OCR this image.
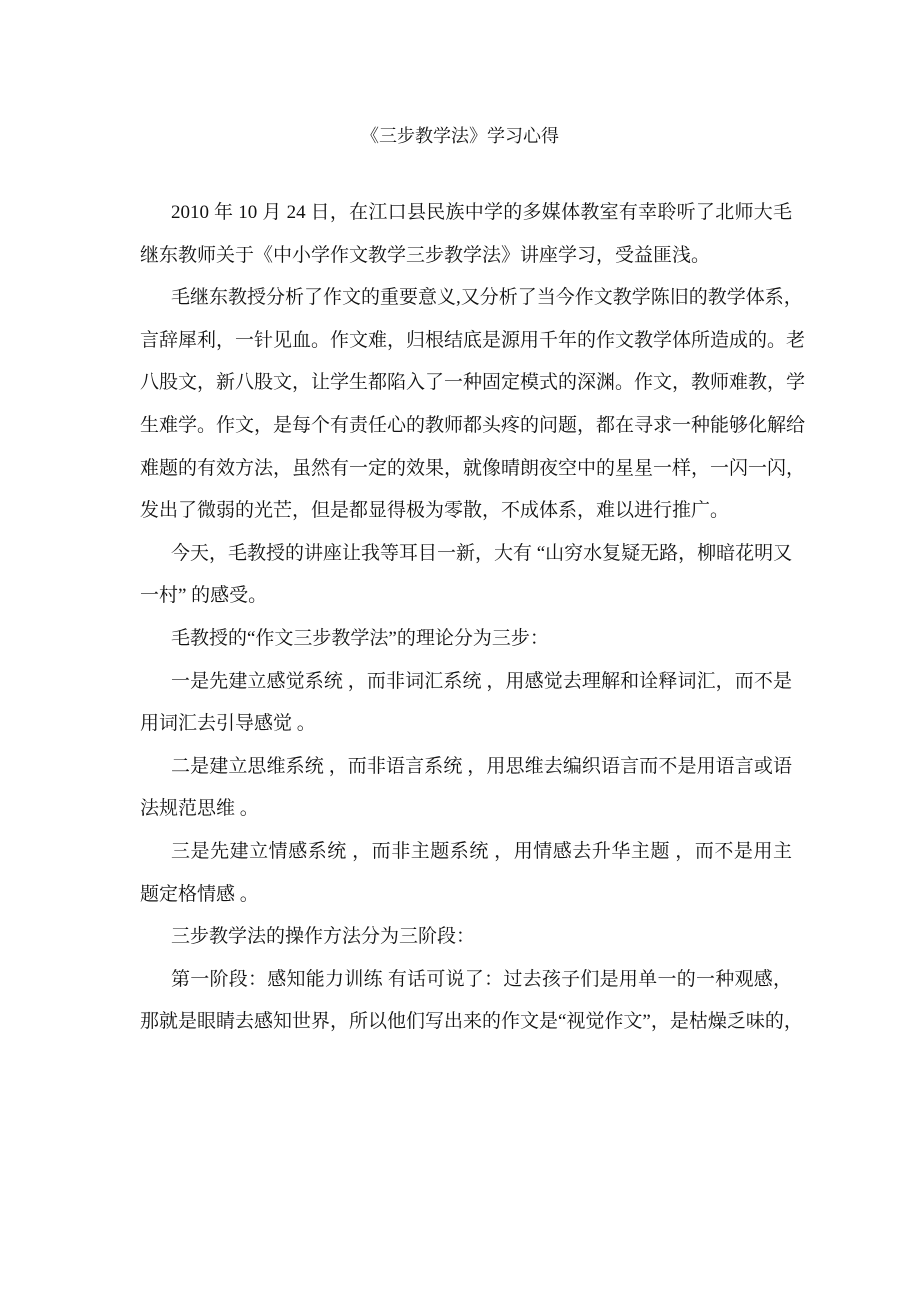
《三步教学法》学习心得
2010 年 10 月 24 日，在江口县民族中学的多媒体教室有幸聆听了北师大毛
继东教师关于《中小学作文教学三步教学法》讲座学习，受益匪浅。
毛继东教授分析了作文的重要意义,又分析了当今作文教学陈旧的教学体系，
言辞犀利，一针见血。作文难，归根结底是源用千年的作文教学体所造成的。老
八股文，新八股文，让学生都陷入了一种固定模式的深渊。作文，教师难教，学
生难学。作文，是每个有责任心的教师都头疼的问题，都在寻求一种能够化解给
难题的有效方法，虽然有一定的效果，就像晴朗夜空中的星星一样，一闪一闪，
发出了微弱的光芒，但是都显得极为零散，不成体系，难以进行推广。
今天，毛教授的讲座让我等耳目一新，大有 “山穷水复疑无路，柳暗花明又
一村” 的感受。
毛教授的“作文三步教学法”的理论分为三步：
一是先建立感觉系统 ，而非词汇系统 ，用感觉去理解和诠释词汇，而不是
用词汇去引导感觉 。
二是建立思维系统 ，而非语言系统 ，用思维去编织语言而不是用语言或语
法规范思维 。
三是先建立情感系统 ，而非主题系统 ，用情感去升华主题 ，而不是用主
题定格情感 。
三步教学法的操作方法分为三阶段：
第一阶段：感知能力训练 有话可说了：过去孩子们是用单一的一种观感，
那就是眼睛去感知世界，所以他们写出来的作文是“视觉作文”，是枯燥乏味的，
